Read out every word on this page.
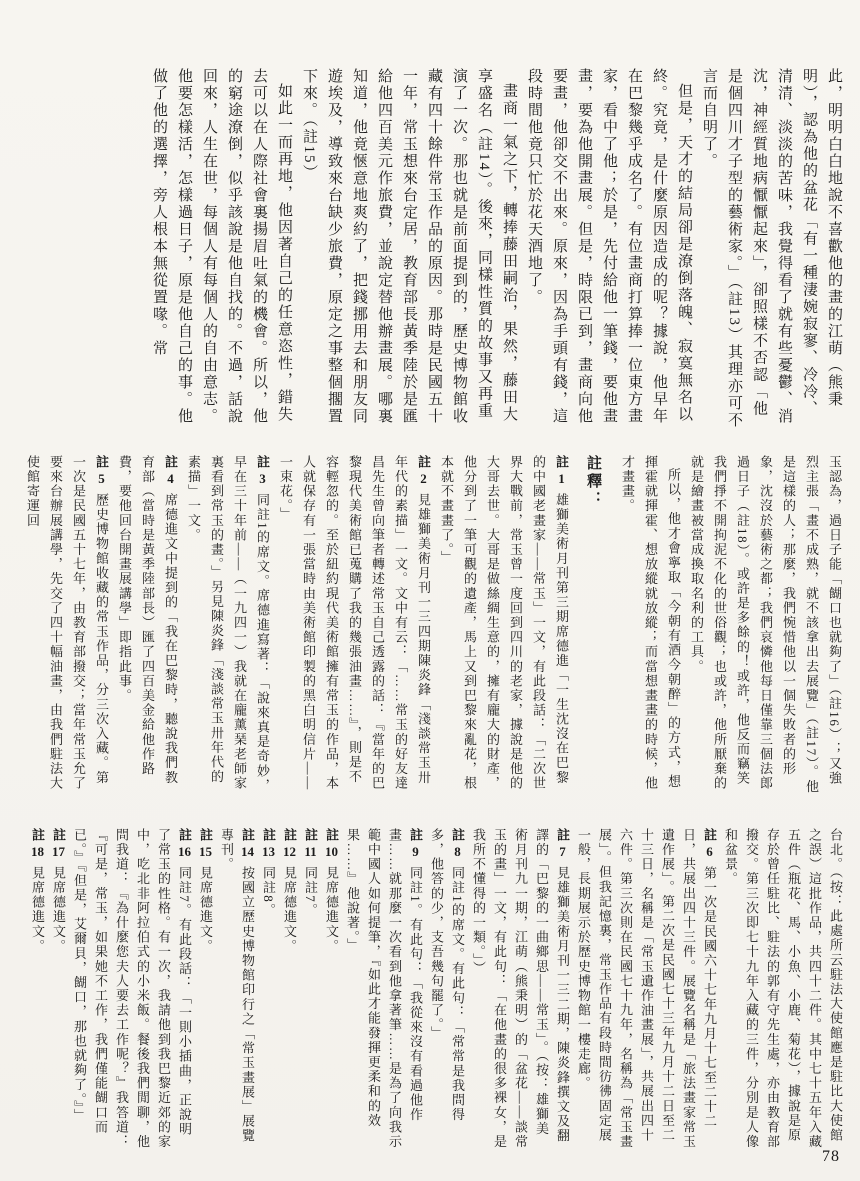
此，明明白白地說不喜歡他的畫的江萌（熊秉明），認為他的盆花「有一種淒婉寂寥、冷冷、清清、淡淡的苦味，我覺得看了就有些憂鬱、消沈，神經質地病懨懨起來」，卻照樣不否認「他是個四川才子型的藝術家。」（註13）其理亦可不言而自明了。

但是，天才的結局卻是潦倒落魄、寂寞無名以終。究竟，是什麼原因造成的呢？據說，他早年在巴黎幾乎成名了。有位畫商打算捧一位東方畫家，看中了他；於是，先付給他一筆錢，要他畫畫，要為他開畫展。但是，時限已到，畫商向他要畫，他卻交不出來。原來，因為手頭有錢，這段時間他竟只忙於花天酒地了。

畫商一氣之下，轉捧藤田嗣治，果然，藤田大享盛名（註14）。後來，同樣性質的故事又再重演了一次。那也就是前面提到的，歷史博物館收藏有四十餘件常玉作品的原因。那時是民國五十一年，常玉想來台定居，教育部長黃季陸於是匯給他四百美元作旅費，並說定替他辦畫展。哪裏知道，他竟愜意地爽約了，把錢挪用去和朋友同遊埃及，導致來台缺少旅費，原定之事整個擱置下來。（註15）

如此一而再地，他因著自己的任意恣性，錯失去可以在人際社會裏揚眉吐氣的機會。所以，他的窮途潦倒，似乎該說是他自找的。不過，話說回來，人生在世，每個人有每個人的自由意志。他要怎樣活，怎樣過日子，原是他自己的事。他做了他的選擇，旁人根本無從置喙。常

玉認為，過日子能「餬口也就夠了」（註16）；又強烈主張「畫不成熟，就不該拿出去展覽」（註17）。他是這樣的人；那麼，我們惋惜他以一個失敗者的形象，沈沒於藝術之都；我們哀憐他每日僅靠三個法郎過日子（註18）。或許是多餘的！或許，他反而竊笑我們掙不開拘泥不化的世俗觀；也或許，他所厭棄的就是繪畫被當成換取名利的工具。

所以，他才會寧取「今朝有酒今朝醉」的方式，想揮霍就揮霍、想放縱就放縱；而當想畫畫的時候，他才畫畫。

註釋：

註1雄獅美術月刊第三期席德進「一生沈沒在巴黎的中國老畫家——常玉」一文，有此段話：「二次世界大戰前，常玉曾一度回到四川的老家，據說是他的大哥去世。大哥是做絲綢生意的，擁有龐大的財產，他分到了一筆可觀的遺產，馬上又到巴黎來亂花，根本就不畫畫了。」

註2見雄獅美術月刊一三四期陳炎鋒「淺談常玉卅年代的素描」一文。文中有云：「……常玉的好友達昌先生曾向筆者轉述常玉自己透露的話：『當年的巴黎現代美術館已蒐購了我的幾張油畫……』，則是不容輕忽的。至於紐約現代美術館擁有常玉的作品，本人就保存有一張當時由美術館印製的黑白明信片——一束花。」

註3同註1的席文。席德進寫著：「說來真是奇妙，早在三十年前——（一九四一）我就在龐薰琹老師家裏看到常玉的畫。」另見陳炎鋒「淺談常玉卅年代的素描」一文。

註4席德進文中提到的「我在巴黎時，聽說我們教育部（當時是黃季陸部長）匯了四百美金給他作路費，要他回台開畫展講學」即指此事。

註5歷史博物館收藏的常玉作品，分三次入藏。第一次是民國五十七年，由教育部撥交；當年常玉允了要來台辦展講學，先交了四十幅油畫，由我們駐法大使館寄運回

台北。（按：此處所云駐法大使館應是駐比大使館之誤）這批作品，共四十二件。其中七十五年入藏五件（瓶花、馬、小魚、小鹿、菊花），據說是原存於曾任駐比、駐法的郭有守先生處，亦由教育部撥交。第三次即七十九年入藏的三件，分別是人像和盆景。

註6第一次是民國六十七年九月十七至二十二日，共展出四十三件。展覽名稱是「旅法畫家常玉遺作展」。第二次是民國七十三年九月十二日至二十三日，名稱是「常玉遺作油畫展」，共展出四十六件。第三次則在民國七十九年，名稱為「常玉畫展」。但我記憶裏，常玉作品有段時間彷彿固定展一般，長期展示於歷史博物館一樓走廊。

註7見雄獅美術月刊一三二期，陳炎鋒撰文及翻譯的「巴黎的一曲鄉思——常玉」。（按：雄獅美術月刊九一期，江萌（熊秉明）的「盆花——談常玉的畫」一文，有此句：「在他畫的很多裸女，是我所不懂得的一類。」）

註8同註1的席文。有此句：「常常是我問得多，他答的少，支吾幾句罷了。」

註9同註1。有此句：「我從來沒有看過他作畫……就那麼一次看到他拿著筆……是為了向我示範中國人如何提筆，『如此才能發揮更柔和的效果……』他說著。」

註10見席德進文。

註11同註7。

註12見席德進文。

註13同註8。

註14按國立歷史博物館印行之「常玉畫展」展覽專刊。

註15見席德進文。

註16同註7。有此段話：「一則小插曲，正說明了常玉的性格。有一次，我請他到我巴黎近郊的家中，吃北非阿拉伯式的小米飯。餐後我們閒聊，他問我道：『為什麼您夫人要去工作呢？』我答道：『可是，常玉，如果她不工作，我們僅能餬口而已。』『但是，艾爾貝，餬口，那也就夠了。』」

註17見席德進文。

註18見席德進文。

78
